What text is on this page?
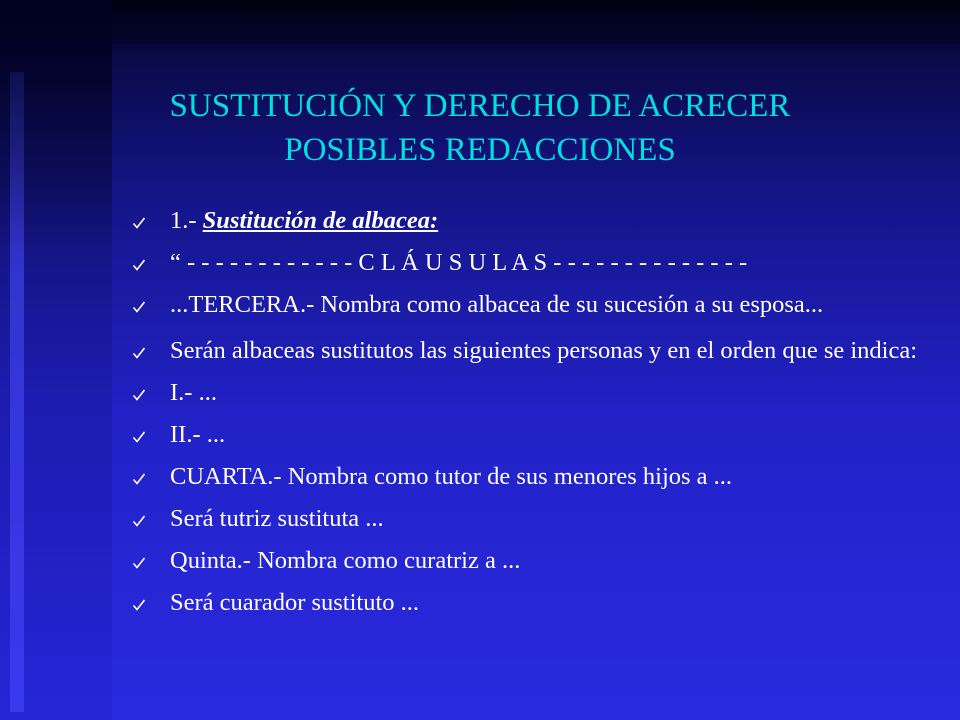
SUSTITUCIÓN Y DERECHO DE ACRECER
POSIBLES REDACCIONES
1.- Sustitución de albacea:
“ - - - - - - - - - - - - C L Á U S U L A S - - - - - - - - - - - - - -
...TERCERA.- Nombra como albacea de su sucesión a su esposa...
Serán albaceas sustitutos las siguientes personas y en el orden que se indica:
I.- ...
II.- ...
CUARTA.- Nombra como tutor de sus menores hijos a ...
Será tutriz sustituta ...
Quinta.- Nombra como curatriz a ...
Será cuarador sustituto ...
